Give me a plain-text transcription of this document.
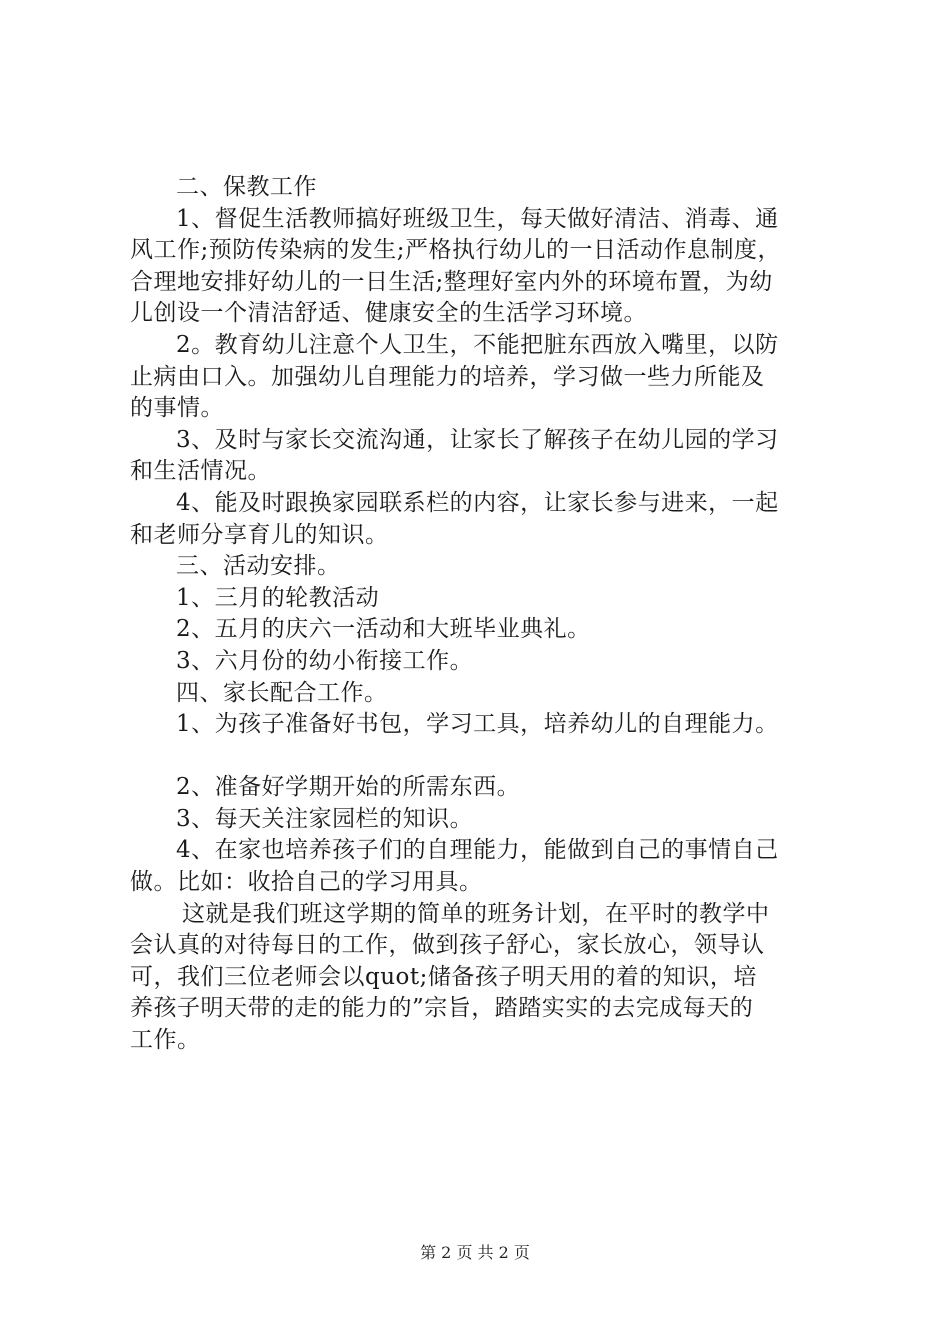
二、保教工作
1、督促生活教师搞好班级卫生，每天做好清洁、消毒、通
风工作;预防传染病的发生;严格执行幼儿的一日活动作息制度，
合理地安排好幼儿的一日生活;整理好室内外的环境布置，为幼
儿创设一个清洁舒适、健康安全的生活学习环境。
2。教育幼儿注意个人卫生，不能把脏东西放入嘴里，以防
止病由口入。加强幼儿自理能力的培养，学习做一些力所能及
的事情。
3、及时与家长交流沟通，让家长了解孩子在幼儿园的学习
和生活情况。
4、能及时跟换家园联系栏的内容，让家长参与进来，一起
和老师分享育儿的知识。
三、活动安排。
1、三月的轮教活动
2、五月的庆六一活动和大班毕业典礼。
3、六月份的幼小衔接工作。
四、家长配合工作。
1、为孩子准备好书包，学习工具，培养幼儿的自理能力。
2、准备好学期开始的所需东西。
3、每天关注家园栏的知识。
4、在家也培养孩子们的自理能力，能做到自己的事情自己
做。比如：收拾自己的学习用具。
这就是我们班这学期的简单的班务计划，在平时的教学中
会认真的对待每日的工作，做到孩子舒心，家长放心，领导认
可，我们三位老师会以quot;储备孩子明天用的着的知识，培
养孩子明天带的走的能力的”宗旨，踏踏实实的去完成每天的
工作。
第 2 页 共 2 页
